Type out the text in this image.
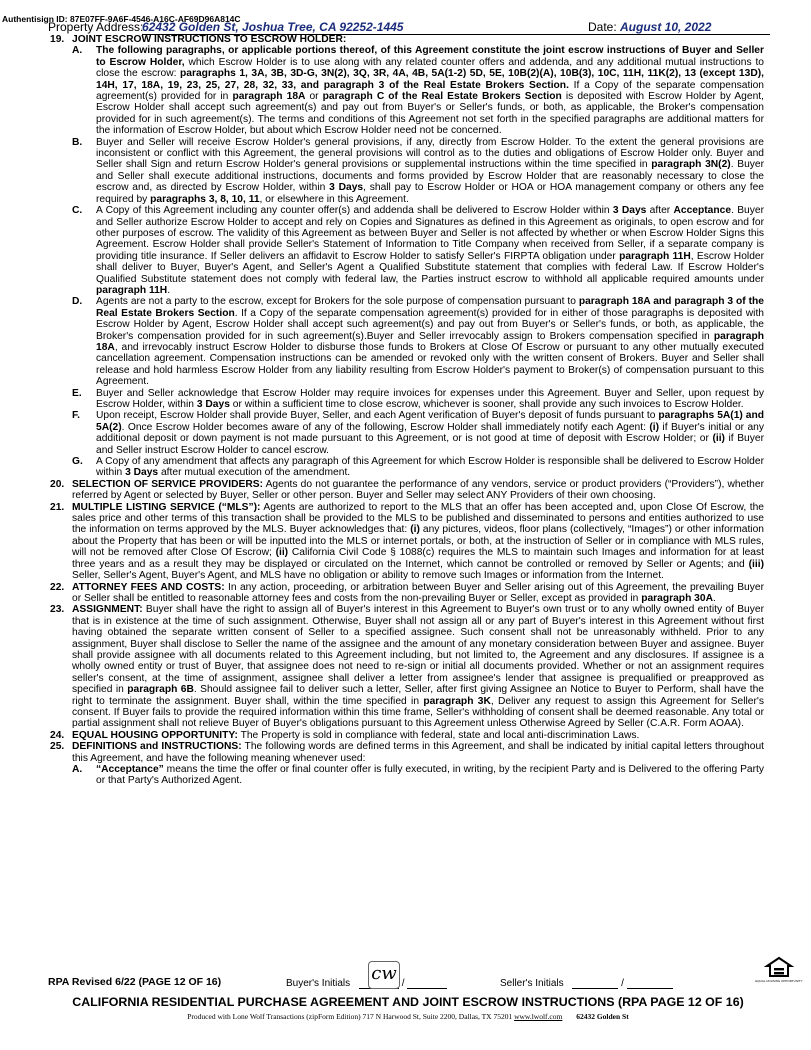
Authentisign ID: 87E07FF-9A6F-4546-A16C-AF69D96A814C
Property Address:
62432 Golden St, Joshua Tree, CA 92252-1445	Date: August 10, 2022
19. JOINT ESCROW INSTRUCTIONS TO ESCROW HOLDER:
A. The following paragraphs, or applicable portions thereof, of this Agreement constitute the joint escrow instructions of Buyer and Seller to Escrow Holder, which Escrow Holder is to use along with any related counter offers and addenda, and any additional mutual instructions to close the escrow: paragraphs 1, 3A, 3B, 3D-G, 3N(2), 3Q, 3R, 4A, 4B, 5A(1-2) 5D, 5E, 10B(2)(A), 10B(3), 10C, 11H, 11K(2), 13 (except 13D), 14H, 17, 18A, 19, 23, 25, 27, 28, 32, 33, and paragraph 3 of the Real Estate Brokers Section. If a Copy of the separate compensation agreement(s) provided for in paragraph 18A or paragraph C of the Real Estate Brokers Section is deposited with Escrow Holder by Agent, Escrow Holder shall accept such agreement(s) and pay out from Buyer's or Seller's funds, or both, as applicable, the Broker's compensation provided for in such agreement(s). The terms and conditions of this Agreement not set forth in the specified paragraphs are additional matters for the information of Escrow Holder, but about which Escrow Holder need not be concerned.
B. Buyer and Seller will receive Escrow Holder's general provisions, if any, directly from Escrow Holder. To the extent the general provisions are inconsistent or conflict with this Agreement, the general provisions will control as to the duties and obligations of Escrow Holder only. Buyer and Seller shall Sign and return Escrow Holder's general provisions or supplemental instructions within the time specified in paragraph 3N(2). Buyer and Seller shall execute additional instructions, documents and forms provided by Escrow Holder that are reasonably necessary to close the escrow and, as directed by Escrow Holder, within 3 Days, shall pay to Escrow Holder or HOA or HOA management company or others any fee required by paragraphs 3, 8, 10, 11, or elsewhere in this Agreement.
C. A Copy of this Agreement including any counter offer(s) and addenda shall be delivered to Escrow Holder within 3 Days after Acceptance. Buyer and Seller authorize Escrow Holder to accept and rely on Copies and Signatures as defined in this Agreement as originals, to open escrow and for other purposes of escrow. The validity of this Agreement as between Buyer and Seller is not affected by whether or when Escrow Holder Signs this Agreement. Escrow Holder shall provide Seller's Statement of Information to Title Company when received from Seller, if a separate company is providing title insurance. If Seller delivers an affidavit to Escrow Holder to satisfy Seller's FIRPTA obligation under paragraph 11H, Escrow Holder shall deliver to Buyer, Buyer's Agent, and Seller's Agent a Qualified Substitute statement that complies with federal Law. If Escrow Holder's Qualified Substitute statement does not comply with federal law, the Parties instruct escrow to withhold all applicable required amounts under paragraph 11H.
D. Agents are not a party to the escrow, except for Brokers for the sole purpose of compensation pursuant to paragraph 18A and paragraph 3 of the Real Estate Brokers Section. If a Copy of the separate compensation agreement(s) provided for in either of those paragraphs is deposited with Escrow Holder by Agent, Escrow Holder shall accept such agreement(s) and pay out from Buyer's or Seller's funds, or both, as applicable, the Broker's compensation provided for in such agreement(s).Buyer and Seller irrevocably assign to Brokers compensation specified in paragraph 18A, and irrevocably instruct Escrow Holder to disburse those funds to Brokers at Close Of Escrow or pursuant to any other mutually executed cancellation agreement. Compensation instructions can be amended or revoked only with the written consent of Brokers. Buyer and Seller shall release and hold harmless Escrow Holder from any liability resulting from Escrow Holder's payment to Broker(s) of compensation pursuant to this Agreement.
E. Buyer and Seller acknowledge that Escrow Holder may require invoices for expenses under this Agreement. Buyer and Seller, upon request by Escrow Holder, within 3 Days or within a sufficient time to close escrow, whichever is sooner, shall provide any such invoices to Escrow Holder.
F. Upon receipt, Escrow Holder shall provide Buyer, Seller, and each Agent verification of Buyer's deposit of funds pursuant to paragraphs 5A(1) and 5A(2). Once Escrow Holder becomes aware of any of the following, Escrow Holder shall immediately notify each Agent: (i) if Buyer's initial or any additional deposit or down payment is not made pursuant to this Agreement, or is not good at time of deposit with Escrow Holder; or (ii) if Buyer and Seller instruct Escrow Holder to cancel escrow.
G. A Copy of any amendment that affects any paragraph of this Agreement for which Escrow Holder is responsible shall be delivered to Escrow Holder within 3 Days after mutual execution of the amendment.
20. SELECTION OF SERVICE PROVIDERS: Agents do not guarantee the performance of any vendors, service or product providers (“Providers”), whether referred by Agent or selected by Buyer, Seller or other person. Buyer and Seller may select ANY Providers of their own choosing.
21. MULTIPLE LISTING SERVICE (“MLS”): Agents are authorized to report to the MLS that an offer has been accepted and, upon Close Of Escrow, the sales price and other terms of this transaction shall be provided to the MLS to be published and disseminated to persons and entities authorized to use the information on terms approved by the MLS. Buyer acknowledges that: (i) any pictures, videos, floor plans (collectively, “Images”) or other information about the Property that has been or will be inputted into the MLS or internet portals, or both, at the instruction of Seller or in compliance with MLS rules, will not be removed after Close Of Escrow; (ii) California Civil Code § 1088(c) requires the MLS to maintain such Images and information for at least three years and as a result they may be displayed or circulated on the Internet, which cannot be controlled or removed by Seller or Agents; and (iii) Seller, Seller's Agent, Buyer's Agent, and MLS have no obligation or ability to remove such Images or information from the Internet.
22. ATTORNEY FEES AND COSTS: In any action, proceeding, or arbitration between Buyer and Seller arising out of this Agreement, the prevailing Buyer or Seller shall be entitled to reasonable attorney fees and costs from the non-prevailing Buyer or Seller, except as provided in paragraph 30A.
23. ASSIGNMENT: Buyer shall have the right to assign all of Buyer's interest in this Agreement to Buyer's own trust or to any wholly owned entity of Buyer that is in existence at the time of such assignment. Otherwise, Buyer shall not assign all or any part of Buyer's interest in this Agreement without first having obtained the separate written consent of Seller to a specified assignee. Such consent shall not be unreasonably withheld. Prior to any assignment, Buyer shall disclose to Seller the name of the assignee and the amount of any monetary consideration between Buyer and assignee. Buyer shall provide assignee with all documents related to this Agreement including, but not limited to, the Agreement and any disclosures. If assignee is a wholly owned entity or trust of Buyer, that assignee does not need to re-sign or initial all documents provided. Whether or not an assignment requires seller's consent, at the time of assignment, assignee shall deliver a letter from assignee's lender that assignee is prequalified or preapproved as specified in paragraph 6B. Should assignee fail to deliver such a letter, Seller, after first giving Assignee an Notice to Buyer to Perform, shall have the right to terminate the assignment. Buyer shall, within the time specified in paragraph 3K, Deliver any request to assign this Agreement for Seller's consent. If Buyer fails to provide the required information within this time frame, Seller's withholding of consent shall be deemed reasonable. Any total or partial assignment shall not relieve Buyer of Buyer's obligations pursuant to this Agreement unless Otherwise Agreed by Seller (C.A.R. Form AOAA).
24. EQUAL HOUSING OPPORTUNITY: The Property is sold in compliance with federal, state and local anti-discrimination Laws.
25. DEFINITIONS and INSTRUCTIONS: The following words are defined terms in this Agreement, and shall be indicated by initial capital letters throughout this Agreement, and have the following meaning whenever used:
A. “Acceptance” means the time the offer or final counter offer is fully executed, in writing, by the recipient Party and is Delivered to the offering Party or that Party's Authorized Agent.
RPA Revised 6/22 (PAGE 12 OF 16)	Buyer's Initials	/
cw	Seller's Initials	/	EQUAL HOUSING OPPORTUNITY
CALIFORNIA RESIDENTIAL PURCHASE AGREEMENT AND JOINT ESCROW INSTRUCTIONS (RPA PAGE 12 OF 16)
Produced with Lone Wolf Transactions (zipForm Edition) 717 N Harwood St, Suite 2200, Dallas, TX 75201 www.lwolf.com 62432 Golden St
